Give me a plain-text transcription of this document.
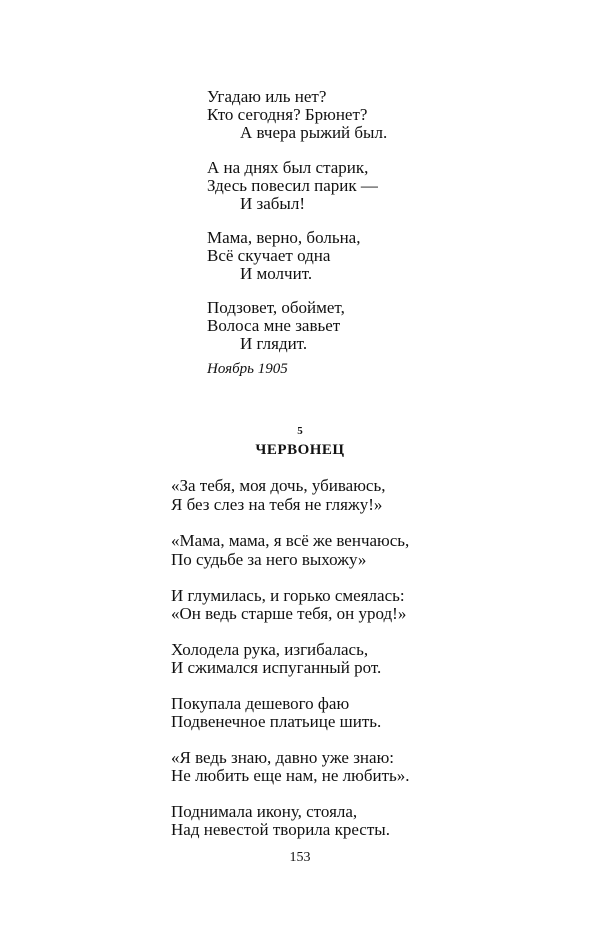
Угадаю иль нет?
Кто сегодня? Брюнет?
А вчера рыжий был.
А на днях был старик,
Здесь повесил парик —
И забыл!
Мама, верно, больна,
Всё скучает одна
И молчит.
Подзовет, обоймет,
Волоса мне завьет
И глядит.
Ноябрь 1905
5
ЧЕРВОНЕЦ
«За тебя, моя дочь, убиваюсь,
Я без слез на тебя не гляжу!»
«Мама, мама, я всё же венчаюсь,
По судьбе за него выхожу»
И глумилась, и горько смеялась:
«Он ведь старше тебя, он урод!»
Холодела рука, изгибалась,
И сжимался испуганный рот.
Покупала дешевого фаю
Подвенечное платьице шить.
«Я ведь знаю, давно уже знаю:
Не любить еще нам, не любить».
Поднимала икону, стояла,
Над невестой творила кресты.
153
